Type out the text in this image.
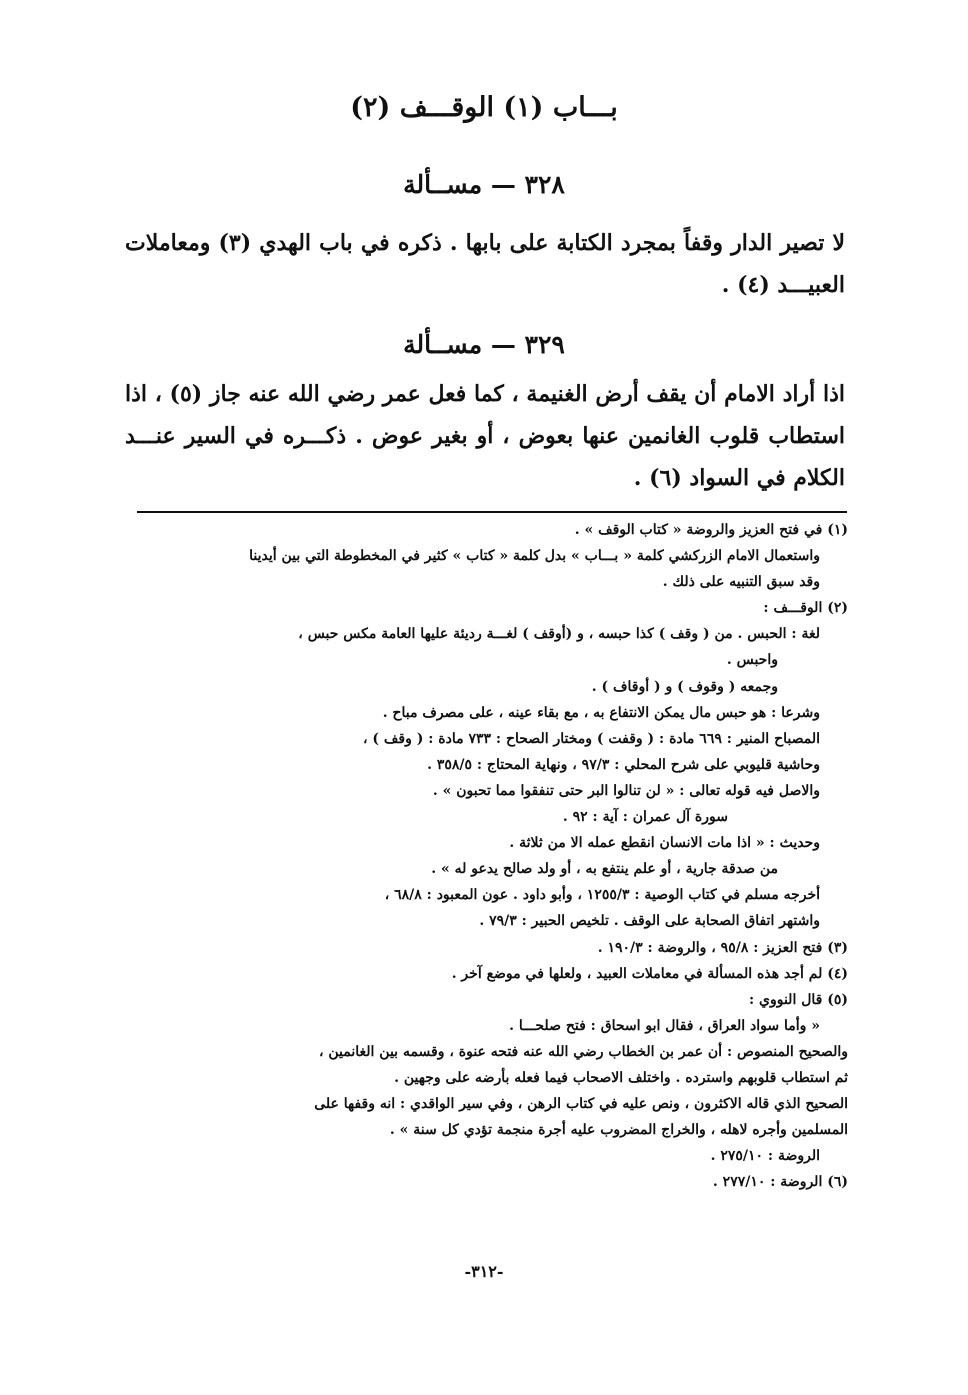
بـــاب (١) الوقـــف (٢)
٣٢٨ — مســألة
لا تصير الدار وقفاً بمجرد الكتابة على بابها . ذكره في باب الهدي (٣) ومعاملات العبيـــد (٤) .
٣٢٩ — مســألة
اذا أراد الامام أن يقف أرض الغنيمة ، كما فعل عمر رضي الله عنه جاز (٥) ، اذا استطاب قلوب الغانمين عنها بعوض ، أو بغير عوض . ذكـــره في السير عنـــد الكلام في السواد (٦) .
(١) في فتح العزيز والروضة « كتاب الوقف » .
واستعمال الامام الزركشي كلمة « بـــاب » بدل كلمة « كتاب » كثير في المخطوطة التي بين أيدينا
وقد سبق التنبيه على ذلك .
(٢) الوقـــف :
لغة : الحبس . من ( وقف ) كذا حبسه ، و (أوقف ) لغـــة رديئة عليها العامة مكس حبس ،
واحبس .
وجمعه ( وقوف ) و ( أوقاف ) .
وشرعا : هو حبس مال يمكن الانتفاع به ، مع بقاء عينه ، على مصرف مباح .
المصباح المنير : ٦٦٩ مادة : ( وقفت ) ومختار الصحاح : ٧٣٣ مادة : ( وقف ) ،
وحاشية قليوبي على شرح المحلي : ٩٧/٣ ، ونهاية المحتاج : ٣٥٨/٥ .
والاصل فيه قوله تعالى : « لن تنالوا البر حتى تنفقوا مما تحبون » .
سورة آل عمران : آية : ٩٢ .
وحديث : « اذا مات الانسان انقطع عمله الا من ثلاثة .
من صدقة جارية ، أو علم ينتفع به ، أو ولد صالح يدعو له » .
أخرجه مسلم في كتاب الوصية : ١٢٥٥/٣ ، وأبو داود . عون المعبود : ٦٨/٨ ،
واشتهر اتفاق الصحابة على الوقف . تلخيص الحبير : ٧٩/٣ .
(٣) فتح العزيز : ٩٥/٨ ، والروضة : ١٩٠/٣ .
(٤) لم أجد هذه المسألة في معاملات العبيد ، ولعلها في موضع آخر .
(٥) قال النووي :
« وأما سواد العراق ، فقال ابو اسحاق : فتح صلحـــا .
والصحيح المنصوص : أن عمر بن الخطاب رضي الله عنه فتحه عنوة ، وقسمه بين الغانمين ،
ثم استطاب قلوبهم واسترده . واختلف الاصحاب فيما فعله بأرضه على وجهين .
الصحيح الذي قاله الاكثرون ، ونص عليه في كتاب الرهن ، وفي سير الواقدي : انه وقفها على
المسلمين وأجره لاهله ، والخراج المضروب عليه أجرة منجمة تؤدي كل سنة » .
الروضة : ٢٧٥/١٠ .
(٦) الروضة : ٢٧٧/١٠ .
-٣١٢-
